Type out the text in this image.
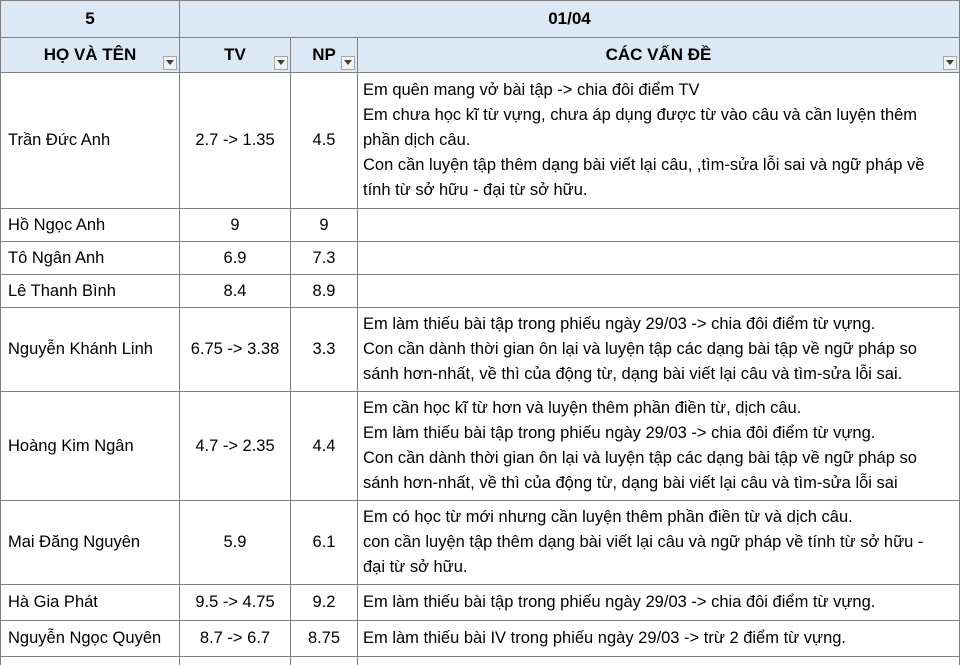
5	01/04		
HỌ VÀ TÊN	TV	NP	CÁC VẤN ĐỀ

Trần Đức Anh	2.7 -> 1.35	4.5	Em quên mang vở bài tập -> chia đôi điểm TV
Em chưa học kĩ từ vựng, chưa áp dụng được từ vào câu và cần luyện thêm
phần dịch câu.
Con cần luyện tập thêm dạng bài viết lại câu, ,tìm-sửa lỗi sai và ngữ pháp về
tính từ sở hữu - đại từ sở hữu.

Hồ Ngọc Anh	9	9	
Tô Ngân Anh	6.9	7.3	
Lê Thanh Bình	8.4	8.9	
Nguyễn Khánh Linh	6.75 -> 3.38	3.3	Em làm thiếu bài tập trong phiếu ngày 29/03 -> chia đôi điểm từ vựng.
Con cần dành thời gian ôn lại và luyện tập các dạng bài tập về ngữ pháp so
sánh hơn-nhất, về thì của động từ, dạng bài viết lại câu và tìm-sửa lỗi sai.

Hoàng Kim Ngân	4.7 -> 2.35	4.4	Em cần học kĩ từ hơn và luyện thêm phần điền từ, dịch câu.
Em làm thiếu bài tập trong phiếu ngày 29/03 -> chia đôi điểm từ vựng.
Con cần dành thời gian ôn lại và luyện tập các dạng bài tập về ngữ pháp so
sánh hơn-nhất, về thì của động từ, dạng bài viết lại câu và tìm-sửa lỗi sai

Mai Đăng Nguyên	5.9	6.1	Em có học từ mới nhưng cần luyện thêm phần điền từ và dịch câu.
con cần luyện tập thêm dạng bài viết lại câu và ngữ pháp về tính từ sở hữu -
đại từ sở hữu.

Hà Gia Phát	9.5 -> 4.75	9.2	Em làm thiếu bài tập trong phiếu ngày 29/03 -> chia đôi điểm từ vựng.

Nguyễn Ngọc Quyên	8.7 -> 6.7	8.75	Em làm thiếu bài IV trong phiếu ngày 29/03 -> trừ 2 điểm từ vựng.
